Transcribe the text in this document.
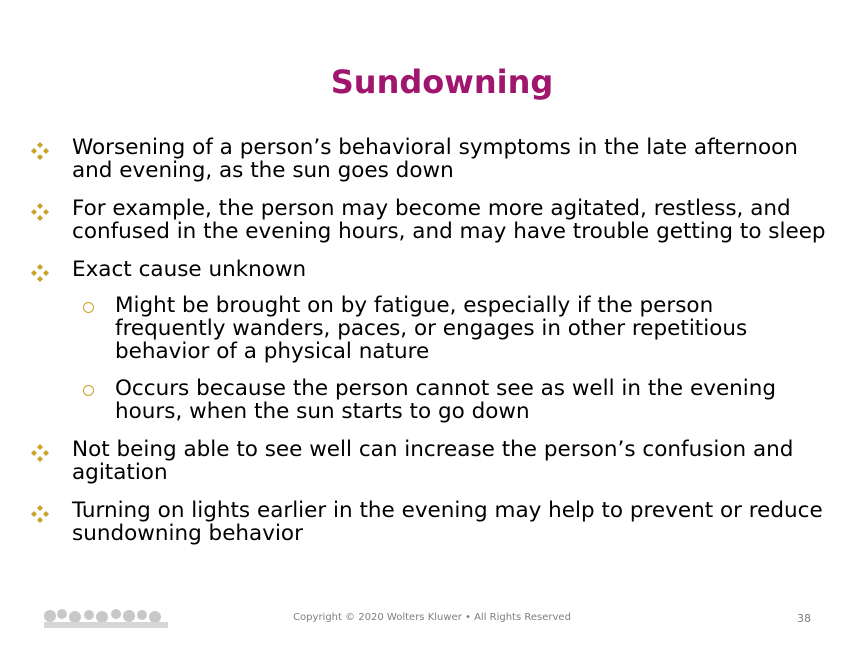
Sundowning
Worsening of a person’s behavioral symptoms in the late afternoon and evening, as the sun goes down
For example, the person may become more agitated, restless, and confused in the evening hours, and may have trouble getting to sleep
Exact cause unknown
Might be brought on by fatigue, especially if the person frequently wanders, paces, or engages in other repetitious behavior of a physical nature
Occurs because the person cannot see as well in the evening hours, when the sun starts to go down
Not being able to see well can increase the person’s confusion and agitation
Turning on lights earlier in the evening may help to prevent or reduce sundowning behavior
Copyright © 2020 Wolters Kluwer • All Rights Reserved	38
